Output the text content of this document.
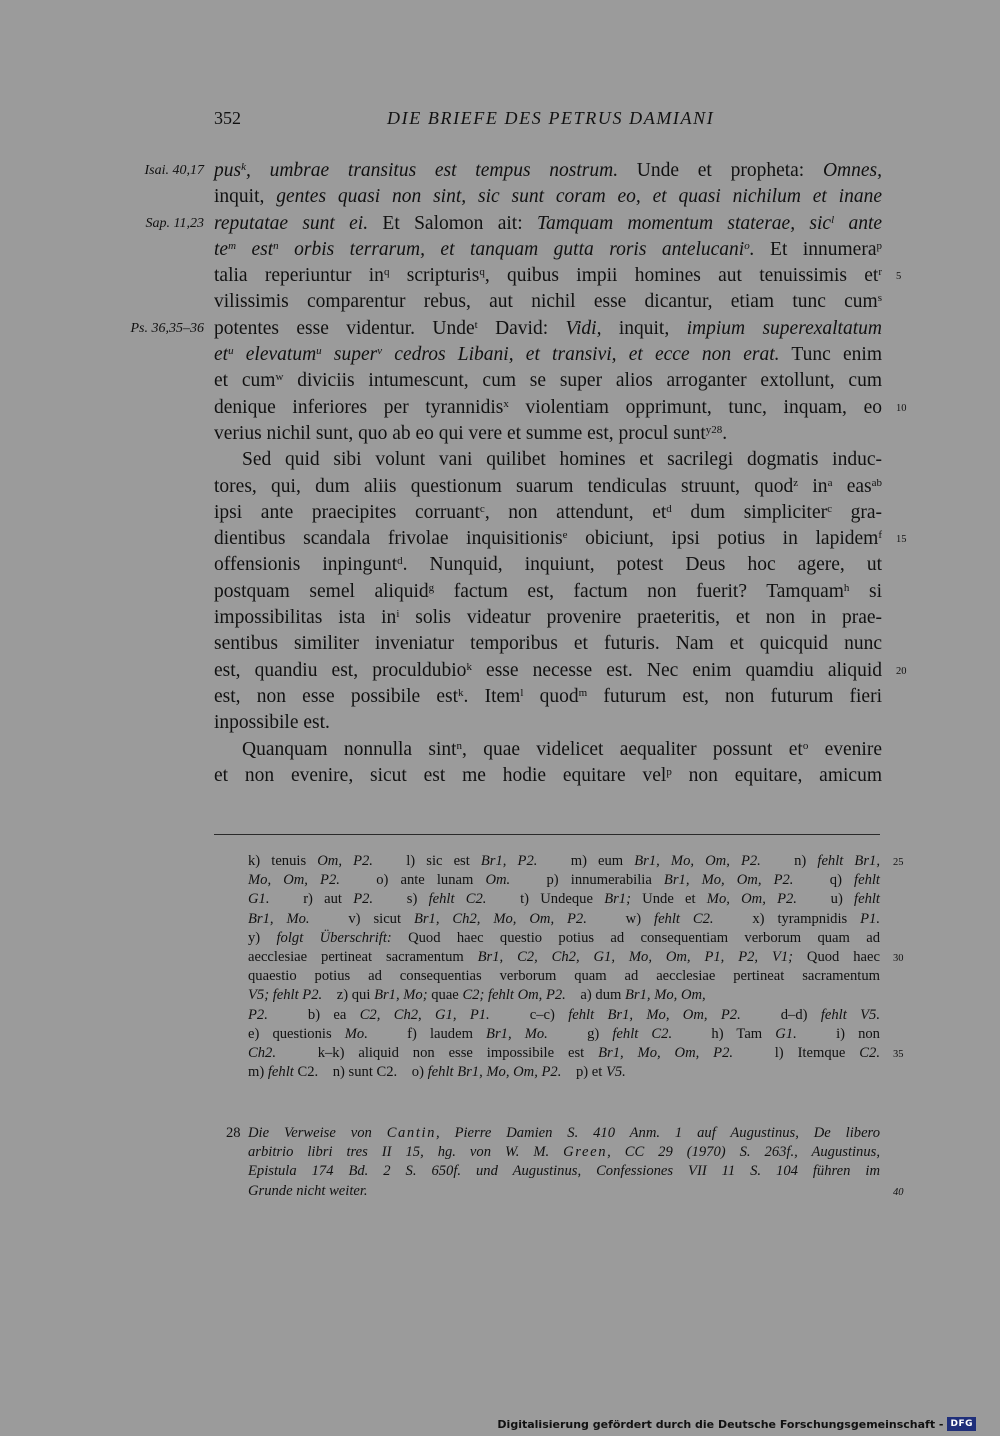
352	DIE BRIEFE DES PETRUS DAMIANI
Isai. 40,17
Sap. 11,23
Ps. 36,35–36
pus$^k$, umbrae transitus est tempus nostrum. Unde et propheta: Omnes,
inquit, gentes quasi non sint, sic sunt coram eo, et quasi nichilum et inane
reputatae sunt ei. Et Salomon ait: Tamquam momentum staterae, sic$^l$ ante
$te^m$ est$^n$ orbis terrarum, et tanquam gutta roris antelucani$^o$. Et innumera$^p$
talia reperiuntur $in^q$ scripturis$^q$, quibus impii homines aut tenuissimis $et^r$ 5
vilissimis comparentur rebus, aut nichil esse dicantur, etiam tunc cum$^s$
potentes esse videntur. Unde$^t$ David: Vidi, inquit, impium superexaltatum
$et^u$ elevatum$^u$ super$^v$ cedros Libani, et transivi, et ecce non erat. Tunc enim
et cum$^w$ diviciis intumescunt, cum se super alios arroganter extollunt, cum
denique inferiores per tyrannidis$^x$ violentiam opprimunt, tunc, inquam, eo 10
verius nichil sunt, quo ab eo qui vere et summe est, procul sunt$^{y28}$.
Sed quid sibi volunt vani quilibet homines et sacrilegi dogmatis induc-
tores, qui, dum aliis questionum suarum tendiculas struunt, quod$^z$ $in^a$ eas$^{ab}$
ipsi ante praecipites corruant$^c$, non attendunt, $et^d$ dum simpliciter$^c$ gra-
dientibus scandala frivolae inquisitionis$^e$ obiciunt, ipsi potius in lapidem$^f$ 15
offensionis inpingunt$^d$. Nunquid, inquiunt, potest Deus hoc agere, ut
postquam semel aliquid$^g$ factum est, factum non fuerit? Tamquam$^h$ si
impossibilitas ista $in^i$ solis videatur provenire praeteritis, et non in prae-
sentibus similiter inveniatur temporibus et futuris. Nam et quicquid nunc
est, quandiu est, proculdubio$^k$ esse necesse est. Nec enim quamdiu aliquid 20
est, non esse possibile est$^k$. Item$^l$ quod$^m$ futurum est, non futurum fieri
inpossibile est.
Quanquam nonnulla sint$^n$, quae videlicet aequaliter possunt $et^o$ evenire
et non evenire, sicut est me hodie equitare vel$^p$ non equitare, amicum
k) tenuis Om, P2.   l) sic est Br1, P2.   m) eum Br1, Mo, Om, P2.   n) fehlt Br1, 25
Mo, Om, P2.   o) ante lunam Om.   p) innumerabilia Br1, Mo, Om, P2.   q) fehlt
G1.   r) aut P2.   s) fehlt C2.   t) Undeque Br1; Unde et Mo, Om, P2.   u) fehlt
Br1, Mo.   v) sicut Br1, Ch2, Mo, Om, P2.   w) fehlt C2.   x) tyrampnidis P1.
y) folgt Überschrift: Quod haec questio potius ad consequentiam verborum quam ad
aecclesiae pertineat sacramentum Br1, C2, Ch2, G1, Mo, Om, P1, P2, V1; Quod haec 30
quaestio potius ad consequentias verborum quam ad aecclesiae pertineat sacramentum
V5; fehlt P2.    z) qui Br1, Mo; quae C2; fehlt Om, P2.    a) dum Br1, Mo, Om,
P2.   b) ea C2, Ch2, G1, P1.   c–c) fehlt Br1, Mo, Om, P2.   d–d) fehlt V5.
e) questionis Mo.   f) laudem Br1, Mo.   g) fehlt C2.   h) Tam G1.   i) non
Ch2.   k–k) aliquid non esse impossibile est Br1, Mo, Om, P2.   l) Itemque C2. 35
m) fehlt C2.    n) sunt C2.    o) fehlt Br1, Mo, Om, P2.    p) et V5.
28 Die Verweise von Cantin, Pierre Damien S. 410 Anm. 1 auf Augustinus, De libero
arbitrio libri tres II 15, hg. von W. M. Green, CC 29 (1970) S. 263f., Augustinus,
Epistula 174 Bd. 2 S. 650f. und Augustinus, Confessiones VII 11 S. 104 führen im
Grunde nicht weiter.	40
Digitalisierung gefördert durch die Deutsche Forschungsgemeinschaft - DFG
